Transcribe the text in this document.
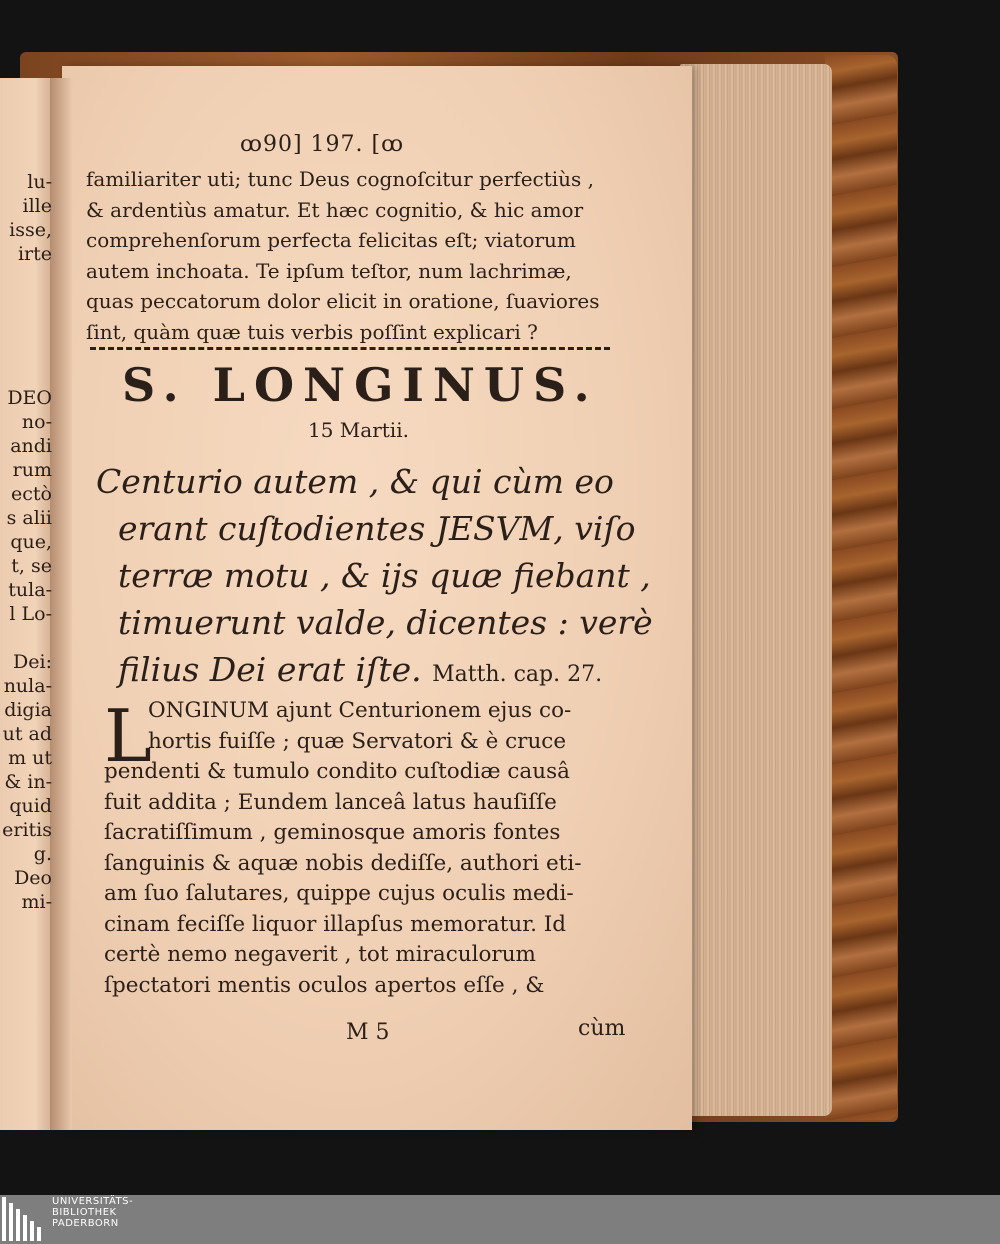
lu-
ille
isse,
irte
DEO
no-
andi
rum
ectò
s alii
que,
t, se
tula-
l Lo-
Dei:
nula-
digia
ut ad
m ut
& in-
quid
eritis
g.
Deo
mi-
ꝏ90] 197. [ꝏ
familiariter uti; tunc Deus cognoſcitur perfectiùs ,
& ardentiùs amatur. Et hæc cognitio, & hic amor
comprehenſorum perfecta felicitas eſt; viatorum
autem inchoata. Te ipſum teſtor, num lachrimæ,
quas peccatorum dolor elicit in oratione, ſuaviores
ſint, quàm quæ tuis verbis poſſint explicari ?
S. LONGINUS.
15 Martii.
Centurio autem , & qui cùm eo
erant cuſtodientes JESVM, viſo
terræ motu , & ijs quæ fiebant ,
timuerunt valde, dicentes : verè
filius Dei erat iſte. Matth. cap. 27.
L
ONGINUM ajunt Centurionem ejus co-
hortis fuiſſe ; quæ Servatori & è cruce
pendenti & tumulo condito cuſtodiæ causâ
fuit addita ; Eundem lanceâ latus hauſiſſe
ſacratiſſimum , geminosque amoris fontes
ſanguinis & aquæ nobis dediſſe, authori eti-
am ſuo ſalutares, quippe cujus oculis medi-
cinam feciſſe liquor illapſus memoratur. Id
certè nemo negaverit , tot miraculorum
ſpectatori mentis oculos apertos eſſe , &
M 5	cùm
UNIVERSITÄTS-
BIBLIOTHEK
PADERBORN
